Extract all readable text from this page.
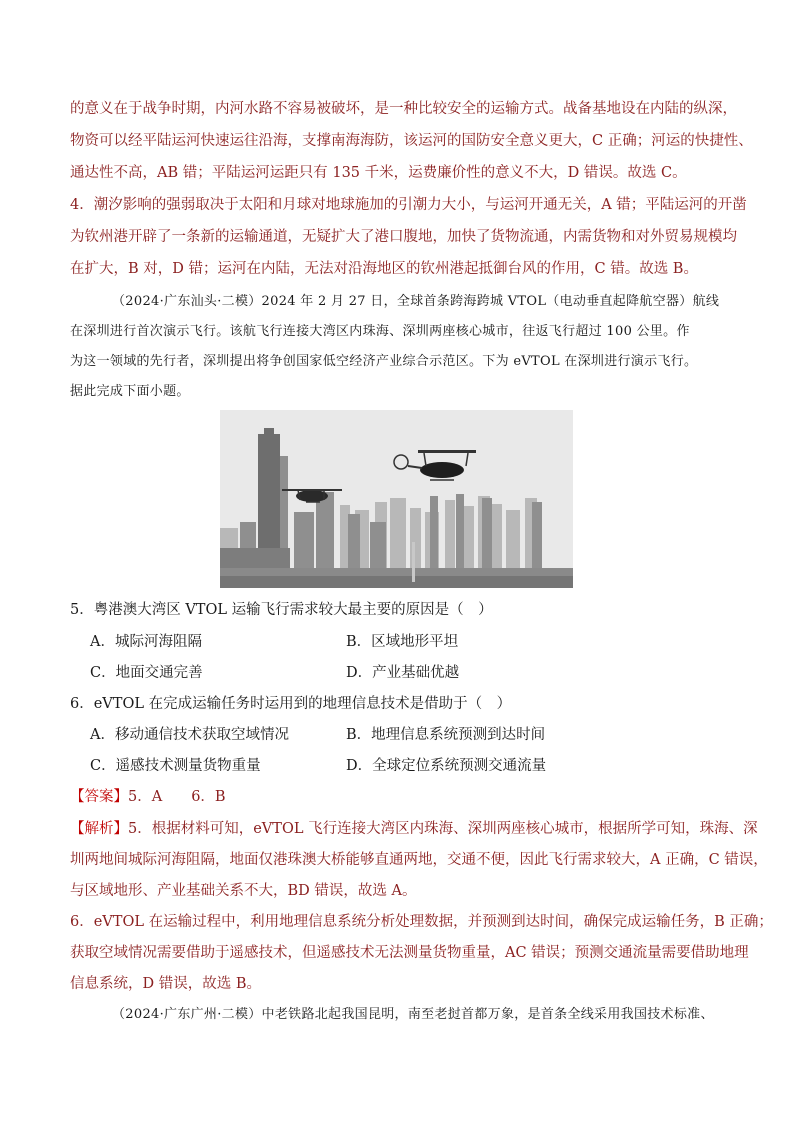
的意义在于战争时期，内河水路不容易被破坏，是一种比较安全的运输方式。战备基地设在内陆的纵深，
物资可以经平陆运河快速运往沿海，支撑南海海防，该运河的国防安全意义更大，C 正确；河运的快捷性、
通达性不高，AB 错；平陆运河运距只有 135 千米，运费廉价性的意义不大，D 错误。故选 C。
4．潮汐影响的强弱取决于太阳和月球对地球施加的引潮力大小，与运河开通无关，A 错；平陆运河的开凿
为钦州港开辟了一条新的运输通道，无疑扩大了港口腹地，加快了货物流通，内需货物和对外贸易规模均
在扩大，B 对，D 错；运河在内陆，无法对沿海地区的钦州港起抵御台风的作用，C 错。故选 B。
（2024·广东汕头·二模）2024 年 2 月 27 日，全球首条跨海跨城 VTOL（电动垂直起降航空器）航线
在深圳进行首次演示飞行。该航飞行连接大湾区内珠海、深圳两座核心城市，往返飞行超过 100 公里。作
为这一领域的先行者，深圳提出将争创国家低空经济产业综合示范区。下为 eVTOL 在深圳进行演示飞行。
据此完成下面小题。
5．粤港澳大湾区 VTOL 运输飞行需求较大最主要的原因是（　）
A．城际河海阻隔	B．区域地形平坦
C．地面交通完善	D．产业基础优越
6．eVTOL 在完成运输任务时运用到的地理信息技术是借助于（　）
A．移动通信技术获取空域情况	B．地理信息系统预测到达时间
C．遥感技术测量货物重量	D．全球定位系统预测交通流量
【答案】5．A　　6．B
【解析】5．根据材料可知，eVTOL 飞行连接大湾区内珠海、深圳两座核心城市，根据所学可知，珠海、深
圳两地间城际河海阻隔，地面仅港珠澳大桥能够直通两地，交通不便，因此飞行需求较大，A 正确，C 错误，
与区域地形、产业基础关系不大，BD 错误，故选 A。
6．eVTOL 在运输过程中，利用地理信息系统分析处理数据，并预测到达时间，确保完成运输任务，B 正确；
获取空域情况需要借助于遥感技术，但遥感技术无法测量货物重量，AC 错误；预测交通流量需要借助地理
信息系统，D 错误，故选 B。
（2024·广东广州·二模）中老铁路北起我国昆明，南至老挝首都万象，是首条全线采用我国技术标准、
